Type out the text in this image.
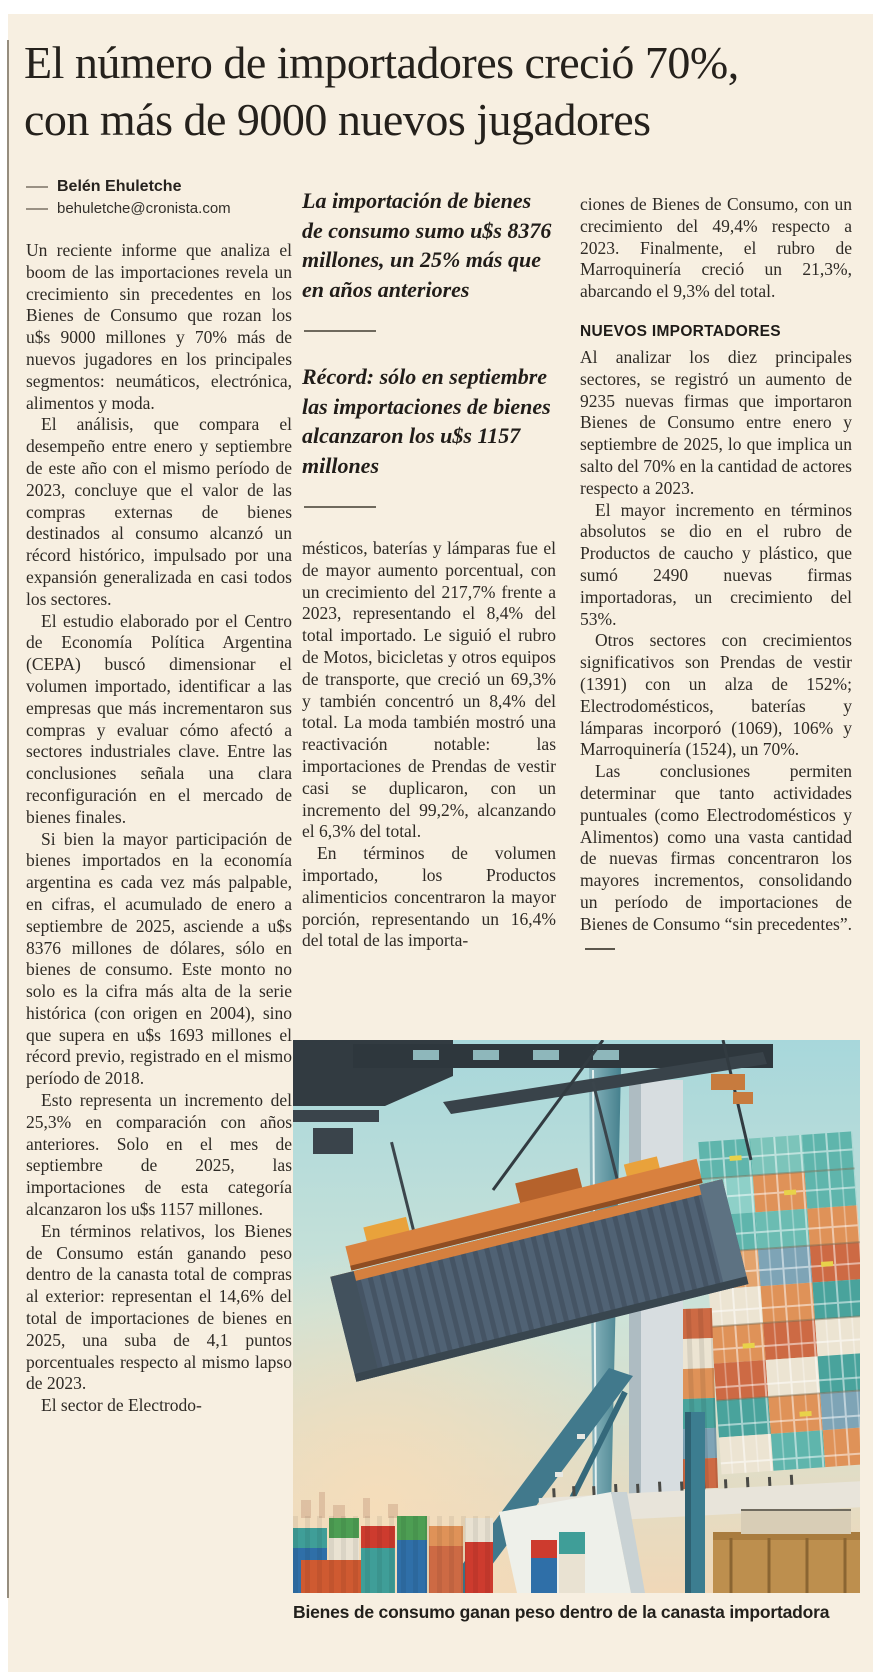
El número de importadores creció 70%,
con más de 9000 nuevos jugadores
Belén Ehuletche
behuletche@cronista.com

Un reciente informe que analiza el boom de las importaciones revela un crecimiento sin precedentes en los Bienes de Consumo que rozan los u$s 9000 millones y 70% más de nuevos jugadores en los principales segmentos: neumáticos, electrónica, alimentos y moda.

El análisis, que compara el desempeño entre enero y septiembre de este año con el mismo período de 2023, concluye que el valor de las compras externas de bienes destinados al consumo alcanzó un récord histórico, impulsado por una expansión generalizada en casi todos los sectores.

El estudio elaborado por el Centro de Economía Política Argentina (CEPA) buscó dimensionar el volumen importado, identificar a las empresas que más incrementaron sus compras y evaluar cómo afectó a sectores industriales clave. Entre las conclusiones señala una clara reconfiguración en el mercado de bienes finales.

Si bien la mayor participación de bienes importados en la economía argentina es cada vez más palpable, en cifras, el acumulado de enero a septiembre de 2025, asciende a u$s 8376 millones de dólares, sólo en bienes de consumo. Este monto no solo es la cifra más alta de la serie histórica (con origen en 2004), sino que supera en u$s 1693 millones el récord previo, registrado en el mismo período de 2018.

Esto representa un incremento del 25,3% en comparación con años anteriores. Solo en el mes de septiembre de 2025, las importaciones de esta categoría alcanzaron los u$s 1157 millones.

En términos relativos, los Bienes de Consumo están ganando peso dentro de la canasta total de compras al exterior: representan el 14,6% del total de importaciones de bienes en 2025, una suba de 4,1 puntos porcentuales respecto al mismo lapso de 2023.

El sector de Electrodo-

La importación de bienes de consumo sumo u$s 8376 millones, un 25% más que en años anteriores
Récord: sólo en septiembre las importaciones de bienes alcanzaron los u$s 1157 millones

mésticos, baterías y lámparas fue el de mayor aumento porcentual, con un crecimiento del 217,7% frente a 2023, representando el 8,4% del total importado. Le siguió el rubro de Motos, bicicletas y otros equipos de transporte, que creció un 69,3% y también concentró un 8,4% del total. La moda también mostró una reactivación notable: las importaciones de Prendas de vestir casi se duplicaron, con un incremento del 99,2%, alcanzando el 6,3% del total.

En términos de volumen importado, los Productos alimenticios concentraron la mayor porción, representando un 16,4% del total de las importa-

ciones de Bienes de Consumo, con un crecimiento del 49,4% respecto a 2023. Finalmente, el rubro de Marroquinería creció un 21,3%, abarcando el 9,3% del total.

NUEVOS IMPORTADORES

Al analizar los diez principales sectores, se registró un aumento de 9235 nuevas firmas que importaron Bienes de Consumo entre enero y septiembre de 2025, lo que implica un salto del 70% en la cantidad de actores respecto a 2023.

El mayor incremento en términos absolutos se dio en el rubro de Productos de caucho y plástico, que sumó 2490 nuevas firmas importadoras, un crecimiento del 53%.

Otros sectores con crecimientos significativos son Prendas de vestir (1391) con un alza de 152%; Electrodomésticos, baterías y lámparas incorporó (1069), 106% y Marroquinería (1524), un 70%.

Las conclusiones permiten determinar que tanto actividades puntuales (como Electrodomésticos y Alimentos) como una vasta cantidad de nuevas firmas concentraron los mayores incrementos, consolidando un período de importaciones de Bienes de Consumo “sin precedentes”.

Bienes de consumo ganan peso dentro de la canasta importadora
